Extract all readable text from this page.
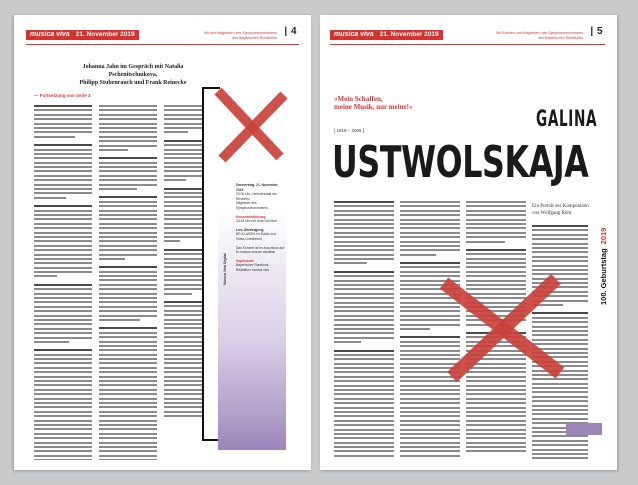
musica viva 21. November 2019	Mit den Mitgliedern des Symphonieorchesters
des Bayerischen Rundfunks
| 4
Johanna Jahn im Gespräch mit Natalia Pschenitschnikova,
Philipp Stubenrauch und Frank Reinecke
— Fortsetzung von Seite 3
Musica Viva Digital

Donnerstag, 21. November 2019
20.00 Uhr, Herkulessaal der Residenz
Mitglieder des Symphonieorchesters

Konzerteinführung
18.45 Uhr mit Julia Schölzel

Live-Übertragung
BR-KLASSIK im Radio und Video-Livestream

Das Konzert ist im Anschluss auf br-musica-viva.de abrufbar

Impressum
Bayerischer Rundfunk, Redaktion musica viva

musica viva 21. November 2019	Mit Solisten und Mitgliedern des Symphonieorchesters
des Bayerischen Rundfunks
| 5
»Mein Schaffen,
meine Musik, nur meine!«
[ 1919 – 2006 ]	GALINA
USTWOLSKAJA
Ein Porträt der Komponistin
von Wolfgang Rühl
100. Geburtstag2019
